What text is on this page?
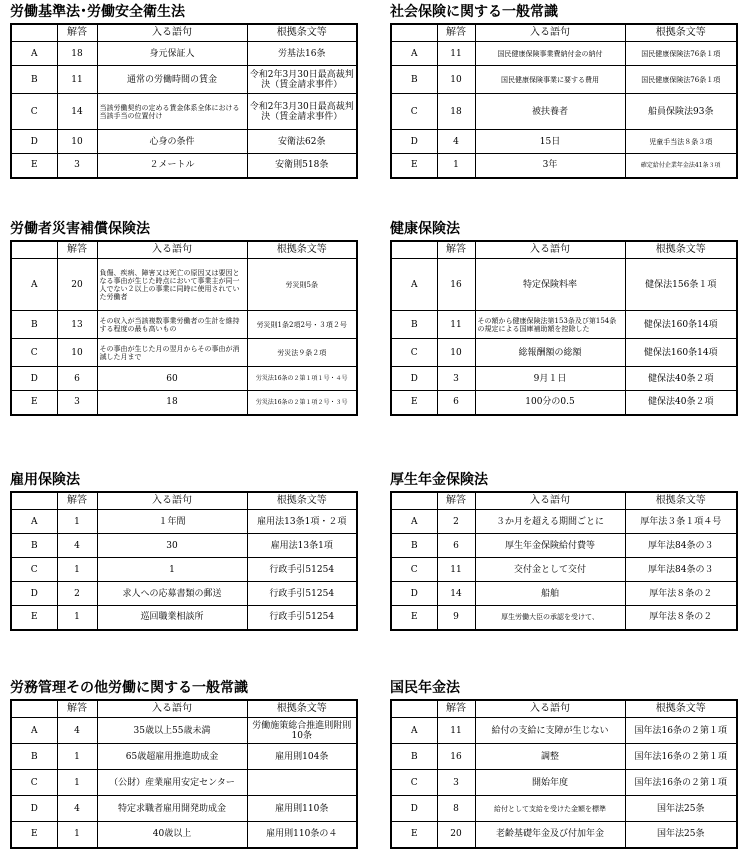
労働基準法･労働安全衛生法
	解答	入る語句	根拠条文等
A	18	身元保証人	労基法16条
B	11	通常の労働時間の賃金	令和2年3月30日最高裁判決（賃金請求事件）
C	14	当該労働契約の定める賃金体系全体における当該手当の位置付け	令和2年3月30日最高裁判決（賃金請求事件）
D	10	心身の条件	安衛法62条
E	3	２メートル	安衛則518条
社会保険に関する一般常識
	解答	入る語句	根拠条文等
A	11	国民健康保険事業費納付金の納付	国民健康保険法76条１項
B	10	国民健康保険事業に要する費用	国民健康保険法76条１項
C	18	被扶養者	船員保険法93条
D	4	15日	児童手当法８条３項
E	1	3年	確定給付企業年金法41条３項
労働者災害補償保険法
	解答	入る語句	根拠条文等
A	20	負傷、疾病、障害又は死亡の原因又は要因となる事由が生じた時点において事業主が同一人でない２以上の事業に同時に使用されていた労働者	労災則5条
B	13	その収入が当該複数事業労働者の生計を維持する程度の最も高いもの	労災則1条2項2号・３項２号
C	10	その事由が生じた月の翌月からその事由が消滅した月まで	労災法９条２項
D	6	60	労災法16条の２第１項１号・４号
E	3	18	労災法16条の２第１項２号・３号
健康保険法
	解答	入る語句	根拠条文等
A	16	特定保険料率	健保法156条１項
B	11	その額から健康保険法第153条及び第154条の規定による国庫補助額を控除した	健保法160条14項
C	10	総報酬額の総額	健保法160条14項
D	3	9月１日	健保法40条２項
E	6	100分の0.5	健保法40条２項
雇用保険法
	解答	入る語句	根拠条文等
A	1	１年間	雇用法13条1項・２項
B	4	30	雇用法13条1項
C	1	1	行政手引51254
D	2	求人への応募書類の郵送	行政手引51254
E	1	巡回職業相談所	行政手引51254
厚生年金保険法
	解答	入る語句	根拠条文等
A	2	３か月を超える期間ごとに	厚年法３条１項４号
B	6	厚生年金保険給付費等	厚年法84条の３
C	11	交付金として交付	厚年法84条の３
D	14	船舶	厚年法８条の２
E	9	厚生労働大臣の承認を受けて、	厚年法８条の２
労務管理その他労働に関する一般常識
	解答	入る語句	根拠条文等
A	4	35歳以上55歳未満	労働施策総合推進則附則10条
B	1	65歳超雇用推進助成金	雇用則104条
C	1	（公財）産業雇用安定センター	
D	4	特定求職者雇用開発助成金	雇用則110条
E	1	40歳以上	雇用則110条の４
国民年金法
	解答	入る語句	根拠条文等
A	11	給付の支給に支障が生じない	国年法16条の２第１項
B	16	調整	国年法16条の２第１項
C	3	開始年度	国年法16条の２第１項
D	8	給付として支給を受けた金額を標準	国年法25条
E	20	老齢基礎年金及び付加年金	国年法25条
